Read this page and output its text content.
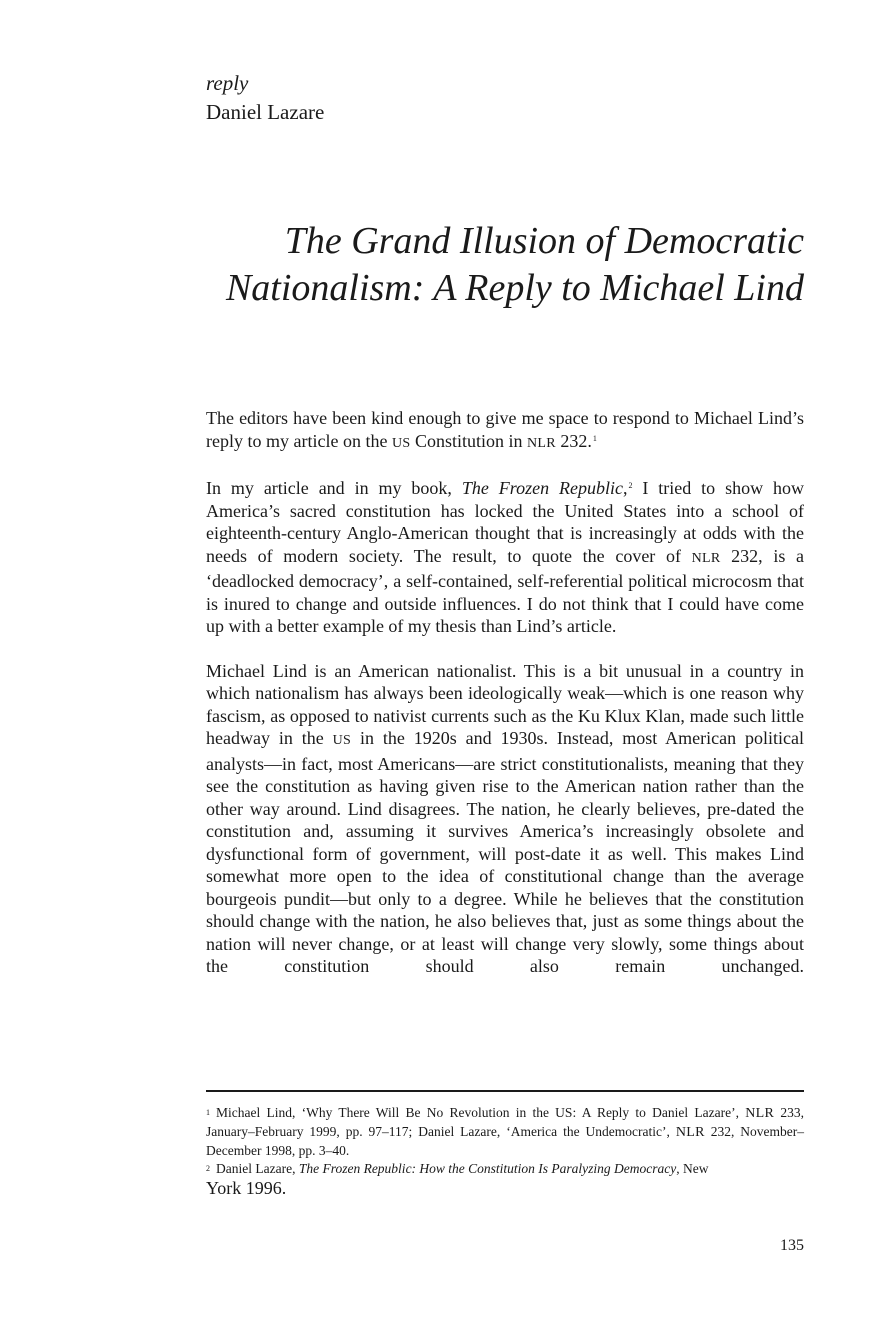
reply
Daniel Lazare
The Grand Illusion of Democratic
Nationalism: A Reply to Michael Lind

The editors have been kind enough to give me space to respond to Michael Lind’s reply to my article on the US Constitution in NLR 232.$^1$

In my article and in my book, The Frozen Republic,$^2$ I tried to show how America’s sacred constitution has locked the United States into a school of eighteenth-century Anglo-American thought that is increasingly at odds with the needs of modern society. The result, to quote the cover of NLR 232, is a ‘deadlocked democracy’, a self-contained, self-referential political microcosm that is inured to change and outside influences. I do not think that I could have come up with a better example of my thesis than Lind’s article.

Michael Lind is an American nationalist. This is a bit unusual in a country in which nationalism has always been ideologically weak—which is one reason why fascism, as opposed to nativist currents such as the Ku Klux Klan, made such little headway in the US in the 1920s and 1930s. Instead, most American political analysts—in fact, most Americans—are strict constitutionalists, meaning that they see the constitution as having given rise to the American nation rather than the other way around. Lind disagrees. The nation, he clearly believes, pre-dated the constitution and, assuming it survives America’s increasingly obsolete and dysfunctional form of government, will post-date it as well. This makes Lind somewhat more open to the idea of constitutional change than the average bourgeois pundit—but only to a degree. While he believes that the constitution should change with the nation, he also believes that, just as some things about the nation will never change, or at least will change very slowly, some things about the constitution should also remain unchanged.

$^1$ Michael Lind, ‘Why There Will Be No Revolution in the US: A Reply to Daniel Lazare’, NLR 233, January–February 1999, pp. 97–117; Daniel Lazare, ‘America the Undemocratic’, NLR 232, November–December 1998, pp. 3–40.

$^2$ Daniel Lazare, The Frozen Republic: How the Constitution Is Paralyzing Democracy, New
York 1996.

135
